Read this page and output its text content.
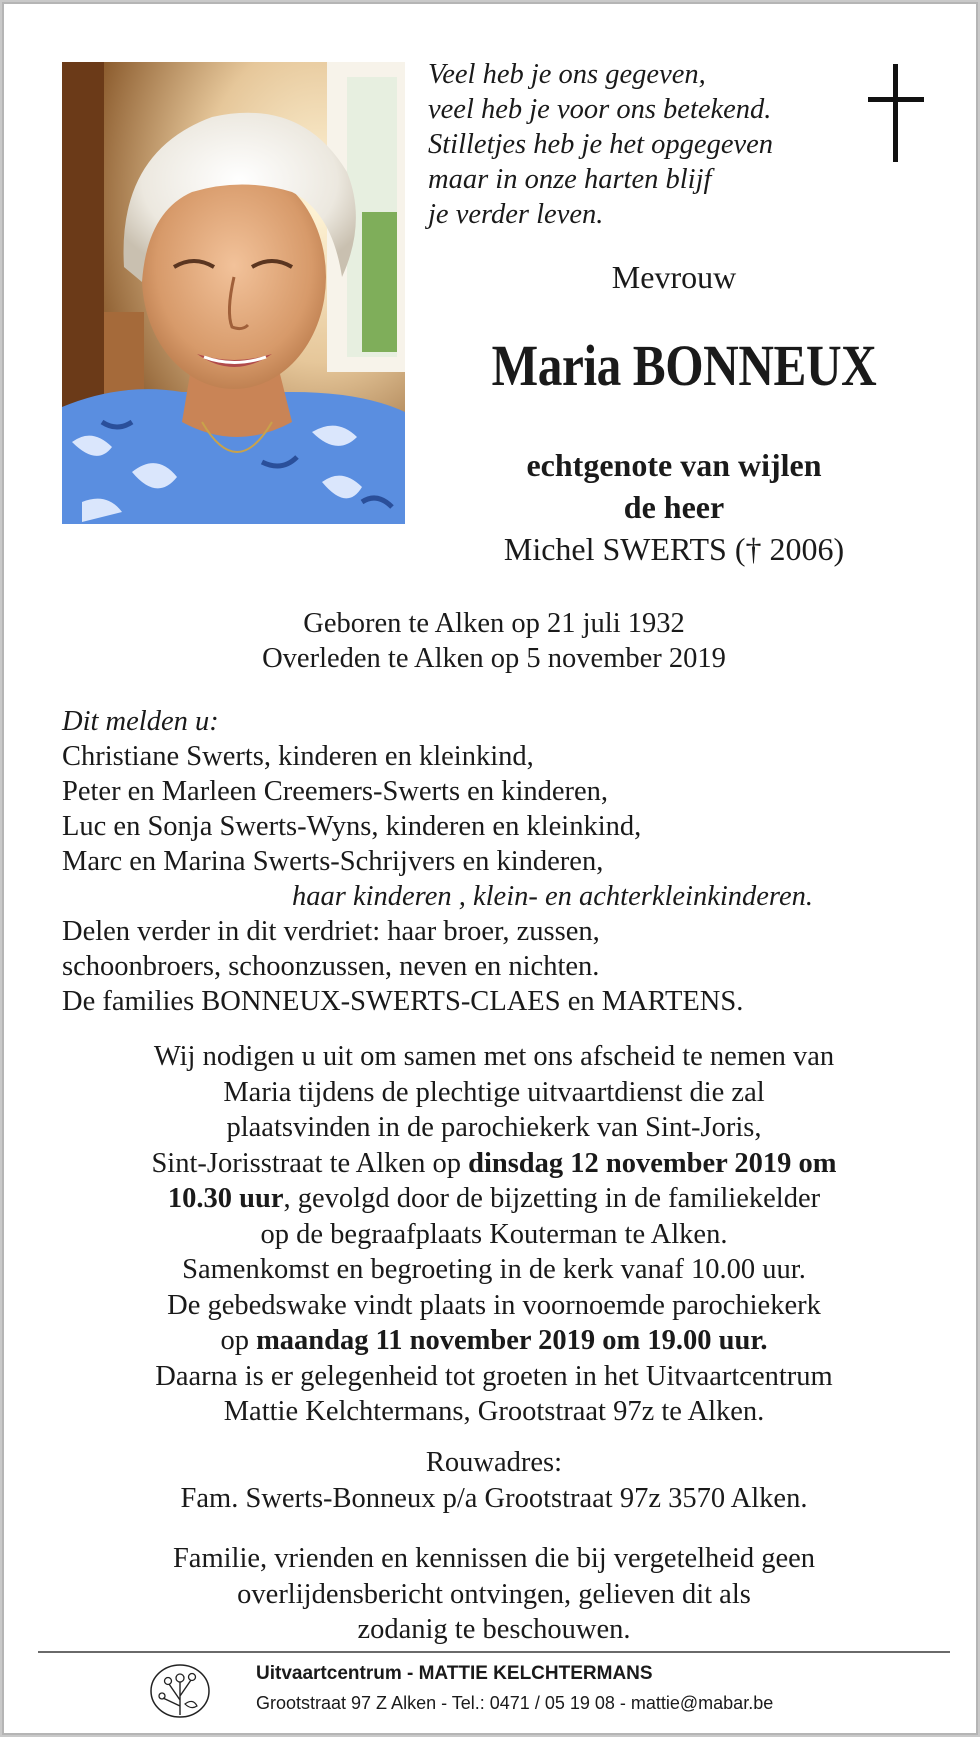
Veel heb je ons gegeven,
veel heb je voor ons betekend.
Stilletjes heb je het opgegeven
maar in onze harten blijf
je verder leven.
Mevrouw
Maria BONNEUX
echtgenote van wijlen
de heer
Michel SWERTS († 2006)
Geboren te Alken op 21 juli 1932
Overleden te Alken op 5 november 2019
Dit melden u:
Christiane Swerts, kinderen en kleinkind,
Peter en Marleen Creemers-Swerts en kinderen,
Luc en Sonja Swerts-Wyns, kinderen en kleinkind,
Marc en Marina Swerts-Schrijvers en kinderen,
haar kinderen , klein- en achterkleinkinderen.
Delen verder in dit verdriet: haar broer, zussen,
schoonbroers, schoonzussen, neven en nichten.
De families BONNEUX-SWERTS-CLAES en MARTENS.
Wij nodigen u uit om samen met ons afscheid te nemen van
Maria tijdens de plechtige uitvaartdienst die zal
plaatsvinden in de parochiekerk van Sint-Joris,
Sint-Jorisstraat te Alken op dinsdag 12 november 2019 om
10.30 uur, gevolgd door de bijzetting in de familiekelder
op de begraafplaats Kouterman te Alken.
Samenkomst en begroeting in de kerk vanaf 10.00 uur.
De gebedswake vindt plaats in voornoemde parochiekerk
op maandag 11 november 2019 om 19.00 uur.
Daarna is er gelegenheid tot groeten in het Uitvaartcentrum
Mattie Kelchtermans, Grootstraat 97z te Alken.
Rouwadres:
Fam. Swerts-Bonneux p/a Grootstraat 97z 3570 Alken.
Familie, vrienden en kennissen die bij vergetelheid geen
overlijdensbericht ontvingen, gelieven dit als
zodanig te beschouwen.
Uitvaartcentrum - MATTIE KELCHTERMANS
Grootstraat 97 Z Alken - Tel.: 0471 / 05 19 08 - mattie@mabar.be
